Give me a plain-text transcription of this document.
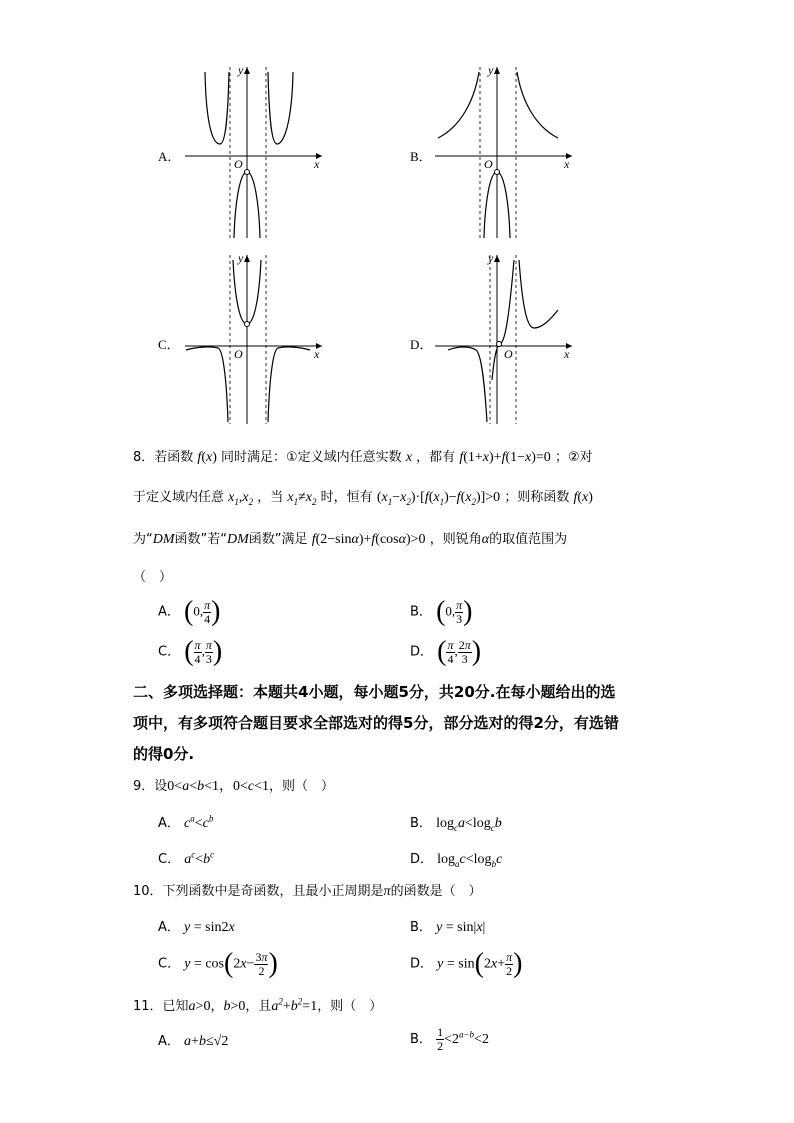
A．
y
x
O	B．
y
x
O
C．
y
x
O
D．
y
x
O
8．若函数 f(x) 同时满足：①定义域内任意实数 x ，都有 f(1+x)+f(1−x)=0 ；②对
于定义域内任意 $x_1,x_2$ ，当 $x_1\ne x_2$ 时，恒有 $(x_1-x_2)\cdot[f(x_1)-f(x_2)]>0$ ；则称函数 f(x)
为“DM函数”若“DM函数”满足 f(2−sinα)+f(cosα)>0 ，则锐角α的取值范围为
（　）
A． (0, $\frac{\pi}{4}$ )	B． (0, $\frac{\pi}{3}$ )
C． ( $\frac{\pi}{4}$ , $\frac{\pi}{3}$ )	D． ( $\frac{\pi}{4}$ , $\frac{2\pi}{3}$ )
二、多项选择题：本题共4小题，每小题5分，共20分.在每小题给出的选
项中，有多项符合题目要求全部选对的得5分，部分选对的得2分，有选错
的得0分.
9．设0<a<b<1，0<c<1，则（　）
A． $c^a<c^b$	B． $\log_ca<\log_cb$
C． $a^c<b^c$	D． $\log_ac<\log_bc$
10．下列函数中是奇函数，且最小正周期是π的函数是（　）
A． y = sin2x	B． y = sin|x|
C． $y = \cos(2x- \frac{3\pi}{2}$ )	D． $y = \sin(2x+ \frac{\pi}{2}$ )
11．已知a>0，b>0，且$a^2+b^2=1$，则（　）
A． a+b≤√2	B． $\frac{1}{2} <2^{a-b}<2$
